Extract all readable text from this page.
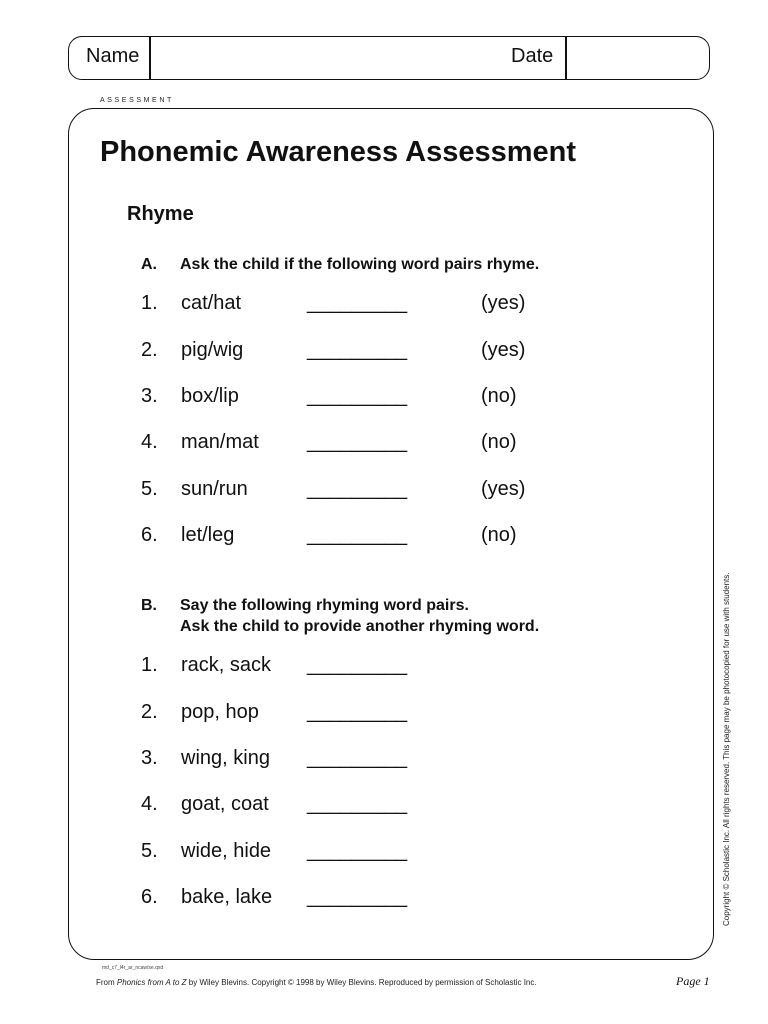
Name	Date
ASSESSMENT
Phonemic Awareness Assessment
Rhyme
A. Ask the child if the following word pairs rhyme.
1. cat/hat	_________	(yes)
2. pig/wig	_________	(yes)
3. box/lip	_________	(no)
4. man/mat _________	(no)
5. sun/run	_________	(yes)
6. let/leg	_________	(no)
B. Say the following rhyming word pairs.
Ask the child to provide another rhyming word.
1. rack, sack _________
2. pop, hop _________
3. wing, king _________
4. goat, coat _________
5. wide, hide _________
6. bake, lake _________	Copyright © Scholastic Inc. All rights reserved. This page may be photocopied for use with students.
md_c7_l4r_ar_ncaw/se.qxd
From Phonics from A to Z by Wiley Blevins. Copyright © 1998 by Wiley Blevins. Reproduced by permission of Scholastic Inc.	Page 1
